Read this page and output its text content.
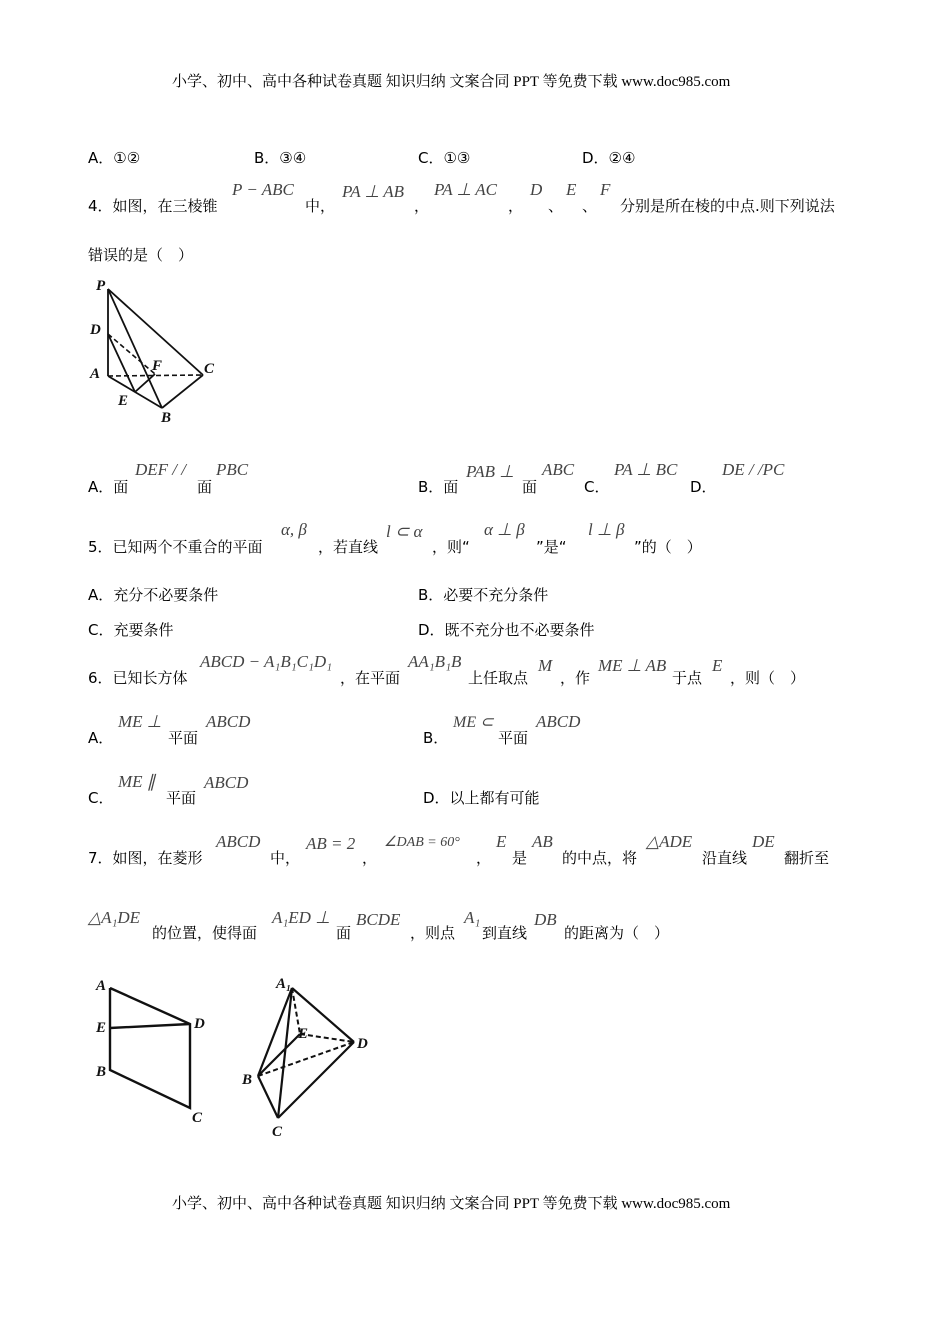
小学、初中、高中各种试卷真题 知识归纳 文案合同 PPT 等免费下载 www.doc985.com
A．①②	B．③④	C．①③	D．②④
4．如图，在三棱锥
P − ABC
中，
PA ⊥ AB
，
PA ⊥ AC
，
D
、
E
、
F
分别是所在棱的中点.则下列说法
错误的是（　）
P
D
A	F	C
E
B
A．面
DEF / /
面
PBC
B．面
PAB ⊥
面
ABC
C．
PA ⊥ BC
D．
DE / /PC
5．已知两个不重合的平面
α, β
，若直线
l ⊂ α
，则“
α ⊥ β
”是“
l ⊥ β
”的（　）
A．充分不必要条件	B．必要不充分条件
C．充要条件	D．既不充分也不必要条件
6．已知长方体
ABCD − A₁B₁C₁D₁
，在平面
AA₁B₁B
上任取点
M
，作
ME ⊥ AB
于点
E
，则（　）
A．
ME ⊥
平面
ABCD
B．
ME ⊂
平面
ABCD
C．
ME ∥
平面
ABCD
D．以上都有可能
7．如图，在菱形
ABCD
中，
AB = 2
，
∠DAB = 60°
，
E
是
AB
的中点，将
△ADE
沿直线
DE
翻折至
△A₁DE
的位置，使得面
A₁ED ⊥
面
BCDE
，则点
A₁
到直线
DB
的距离为（　）
A
E	D
B
C
A₁
E
D
B
C
小学、初中、高中各种试卷真题 知识归纳 文案合同 PPT 等免费下载 www.doc985.com
